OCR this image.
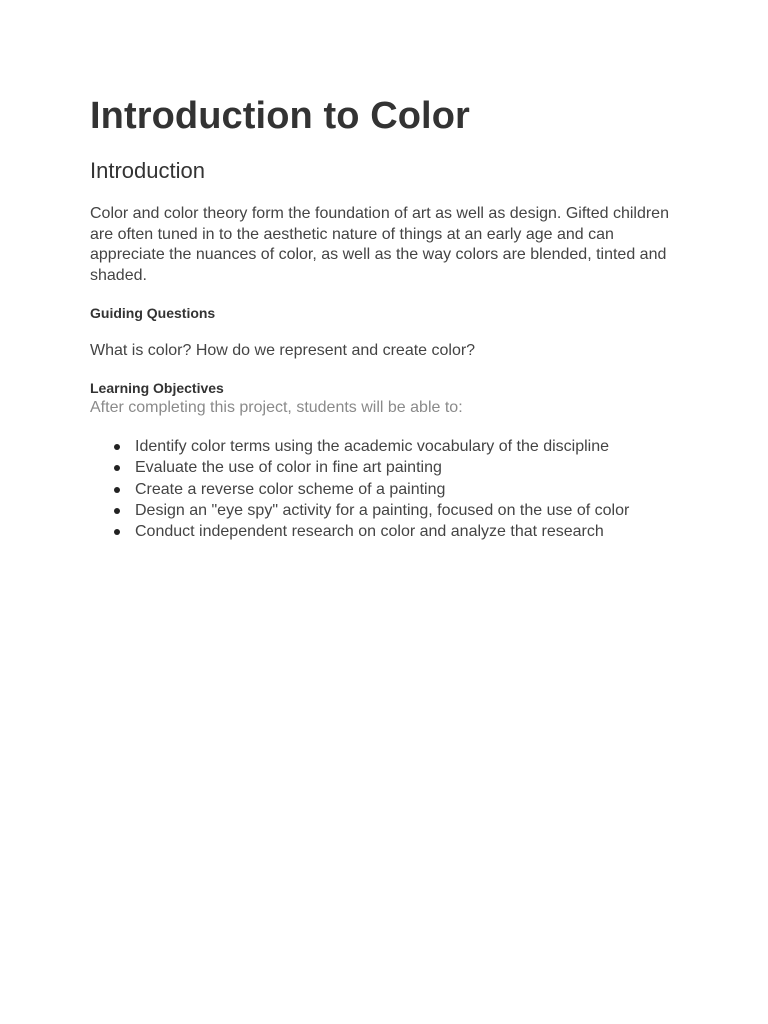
Introduction to Color
Introduction

Color and color theory form the foundation of art as well as design. Gifted children are often tuned in to the aesthetic nature of things at an early age and can appreciate the nuances of color, as well as the way colors are blended, tinted and shaded.

Guiding Questions

What is color? How do we represent and create color?

Learning Objectives

After completing this project, students will be able to:

Identify color terms using the academic vocabulary of the discipline
Evaluate the use of color in fine art painting
Create a reverse color scheme of a painting
Design an "eye spy" activity for a painting, focused on the use of color
Conduct independent research on color and analyze that research
